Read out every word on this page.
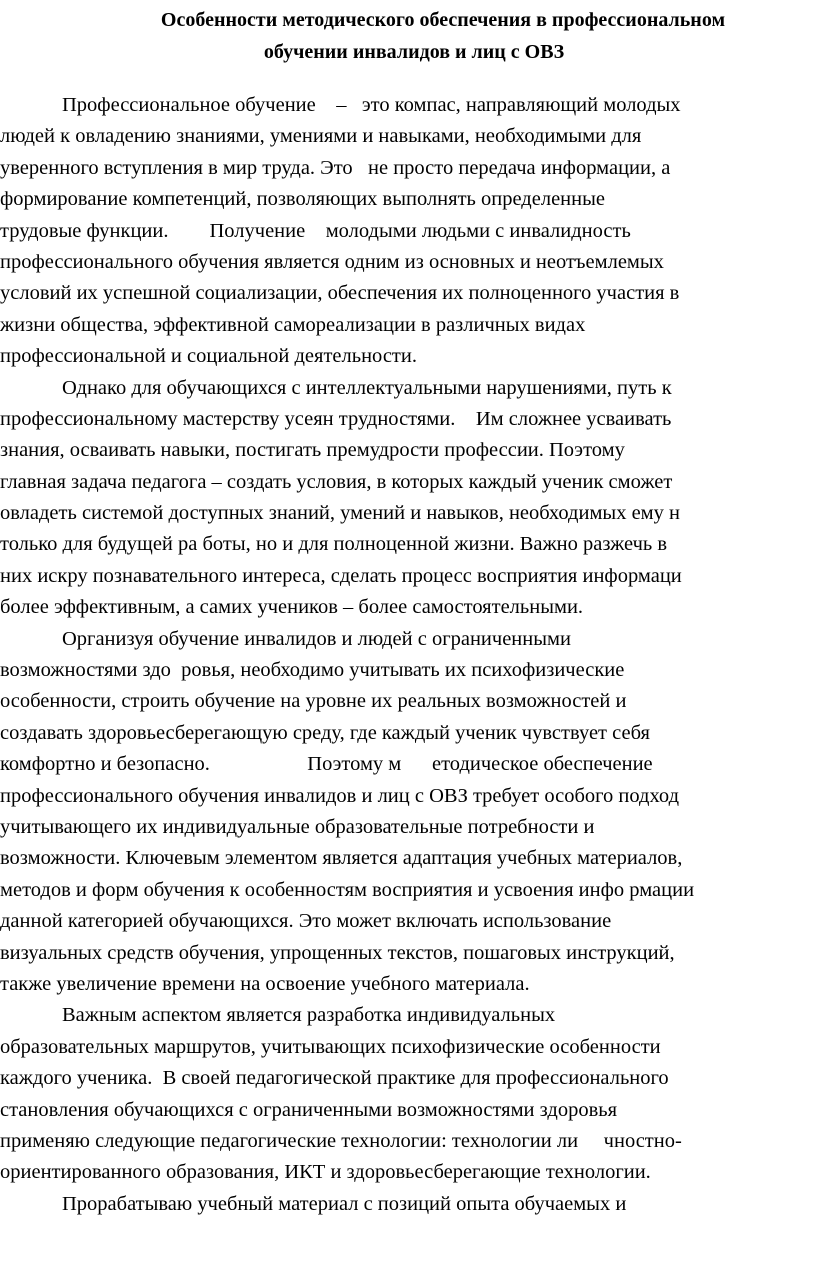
Особенности методического обеспечения в профессиональном
обучении инвалидов и лиц с ОВЗ
Профессиональное обучение    –   это компас, направляющий молодых
людей к овладению знаниями, умениями и навыками, необходимыми для
уверенного вступления в мир труда. Это   не просто передача информации, а
формирование компетенций, позволяющих выполнять определенные
трудовые функции.        Получение    молодыми людьми с инвалидность
профессионального обучения является одним из основных и неотъемлемых
условий их успешной социализации, обеспечения их полноценного участия в
жизни общества, эффективной самореализации в различных видах
профессиональной и социальной деятельности.
Однако для обучающихся с интеллектуальными нарушениями, путь к
профессиональному мастерству усеян трудностями.    Им сложнее усваивать
знания, осваивать навыки, постигать премудрости профессии. Поэтому
главная задача педагога – создать условия, в которых каждый ученик сможет
овладеть системой доступных знаний, умений и навыков, необходимых ему н
только для будущей ра боты, но и для полноценной жизни. Важно разжечь в
них искру познавательного интереса, сделать процесс восприятия информаци
более эффективным, а самих учеников – более самостоятельными.
Организуя обучение инвалидов и людей с ограниченными
возможностями здо  ровья, необходимо учитывать их психофизические
особенности, строить обучение на уровне их реальных возможностей и
создавать здоровьесберегающую среду, где каждый ученик чувствует себя
комфортно и безопасно.                   Поэтому м      етодическое обеспечение
профессионального обучения инвалидов и лиц с ОВЗ требует особого подход
учитывающего их индивидуальные образовательные потребности и
возможности. Ключевым элементом является адаптация учебных материалов,
методов и форм обучения к особенностям восприятия и усвоения инфо рмации
данной категорией обучающихся. Это может включать использование
визуальных средств обучения, упрощенных текстов, пошаговых инструкций,
также увеличение времени на освоение учебного материала.
Важным аспектом является разработка индивидуальных
образовательных маршрутов, учитывающих психофизические особенности
каждого ученика.  В своей педагогической практике для профессионального
становления обучающихся с ограниченными возможностями здоровья
применяю следующие педагогические технологии: технологии ли     чностно-
ориентированного образования, ИКТ и здоровьесберегающие технологии.
Прорабатываю учебный материал с позиций опыта обучаемых и
